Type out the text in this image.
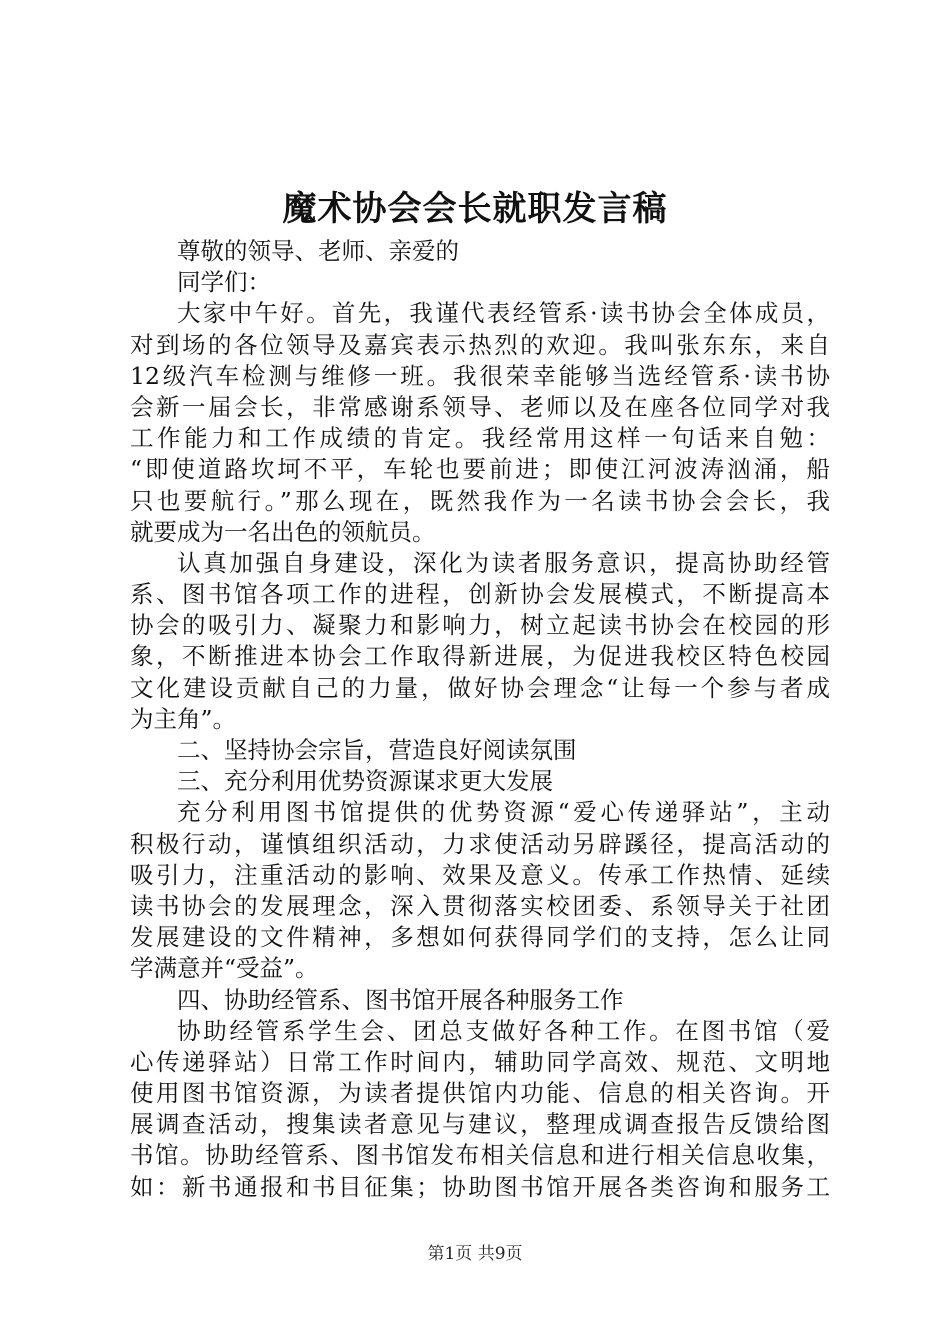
魔术协会会长就职发言稿
尊敬的领导、老师、亲爱的
同学们：
大家中午好。首先，我谨代表经管系·读书协会全体成员，
对到场的各位领导及嘉宾表示热烈的欢迎。我叫张东东，来自
12级汽车检测与维修一班。我很荣幸能够当选经管系·读书协
会新一届会长，非常感谢系领导、老师以及在座各位同学对我
工作能力和工作成绩的肯定。我经常用这样一句话来自勉：
“即使道路坎坷不平，车轮也要前进；即使江河波涛汹涌，船
只也要航行。”那么现在，既然我作为一名读书协会会长，我
就要成为一名出色的领航员。
认真加强自身建设，深化为读者服务意识，提高协助经管
系、图书馆各项工作的进程，创新协会发展模式，不断提高本
协会的吸引力、凝聚力和影响力，树立起读书协会在校园的形
象，不断推进本协会工作取得新进展，为促进我校区特色校园
文化建设贡献自己的力量，做好协会理念“让每一个参与者成
为主角”。
二、坚持协会宗旨，营造良好阅读氛围
三、充分利用优势资源谋求更大发展
充分利用图书馆提供的优势资源“爱心传递驿站”，主动
积极行动，谨慎组织活动，力求使活动另辟蹊径，提高活动的
吸引力，注重活动的影响、效果及意义。传承工作热情、延续
读书协会的发展理念，深入贯彻落实校团委、系领导关于社团
发展建设的文件精神，多想如何获得同学们的支持，怎么让同
学满意并“受益”。
四、协助经管系、图书馆开展各种服务工作
协助经管系学生会、团总支做好各种工作。在图书馆（爱
心传递驿站）日常工作时间内，辅助同学高效、规范、文明地
使用图书馆资源，为读者提供馆内功能、信息的相关咨询。开
展调查活动，搜集读者意见与建议，整理成调查报告反馈给图
书馆。协助经管系、图书馆发布相关信息和进行相关信息收集，
如：新书通报和书目征集；协助图书馆开展各类咨询和服务工
第1页 共9页
